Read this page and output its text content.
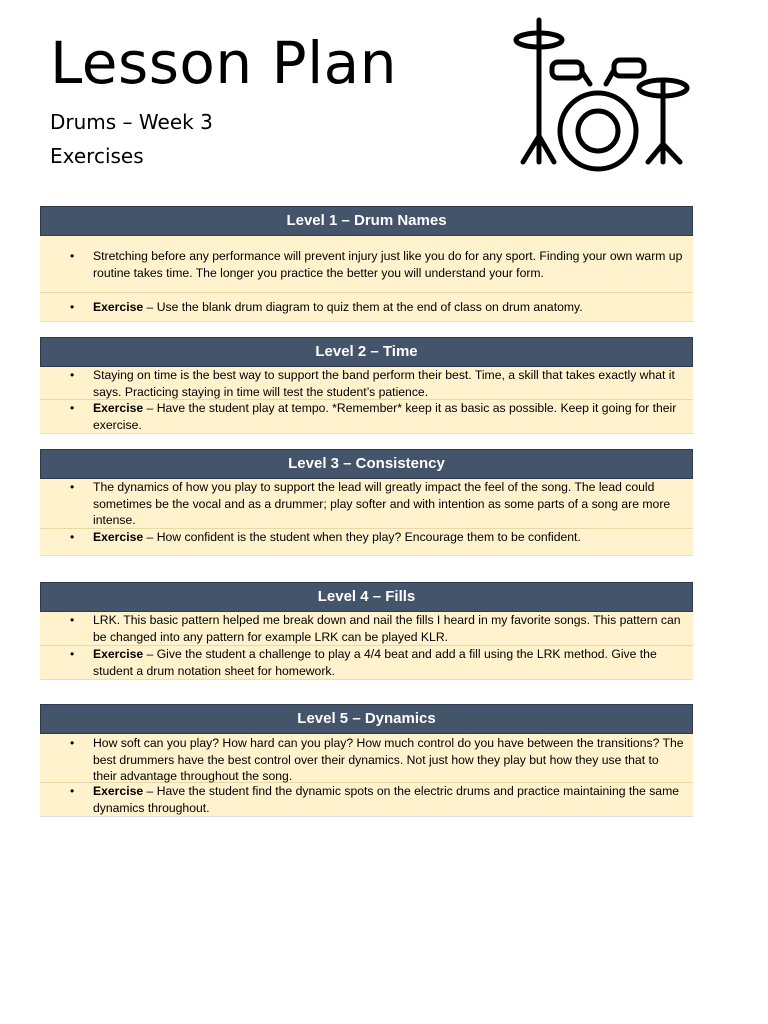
Lesson Plan
Drums – Week 3
Exercises
Level 1 – Drum Names
• Stretching before any performance will prevent injury just like you do for any sport. Finding your own warm up routine takes time. The longer you practice the better you will understand your form.
• Exercise – Use the blank drum diagram to quiz them at the end of class on drum anatomy.
Level 2 – Time
• Staying on time is the best way to support the band perform their best. Time, a skill that takes exactly what it says. Practicing staying in time will test the student’s patience.
• Exercise – Have the student play at tempo. *Remember* keep it as basic as possible. Keep it going for their exercise.
Level 3 – Consistency
• The dynamics of how you play to support the lead will greatly impact the feel of the song. The lead could sometimes be the vocal and as a drummer; play softer and with intention as some parts of a song are more intense.
• Exercise – How confident is the student when they play? Encourage them to be confident.
Level 4 – Fills
• LRK. This basic pattern helped me break down and nail the fills I heard in my favorite songs. This pattern can be changed into any pattern for example LRK can be played KLR.
• Exercise – Give the student a challenge to play a 4/4 beat and add a fill using the LRK method. Give the student a drum notation sheet for homework.
Level 5 – Dynamics
• How soft can you play? How hard can you play? How much control do you have between the transitions? The best drummers have the best control over their dynamics. Not just how they play but how they use that to their advantage throughout the song.
• Exercise – Have the student find the dynamic spots on the electric drums and practice maintaining the same dynamics throughout.
